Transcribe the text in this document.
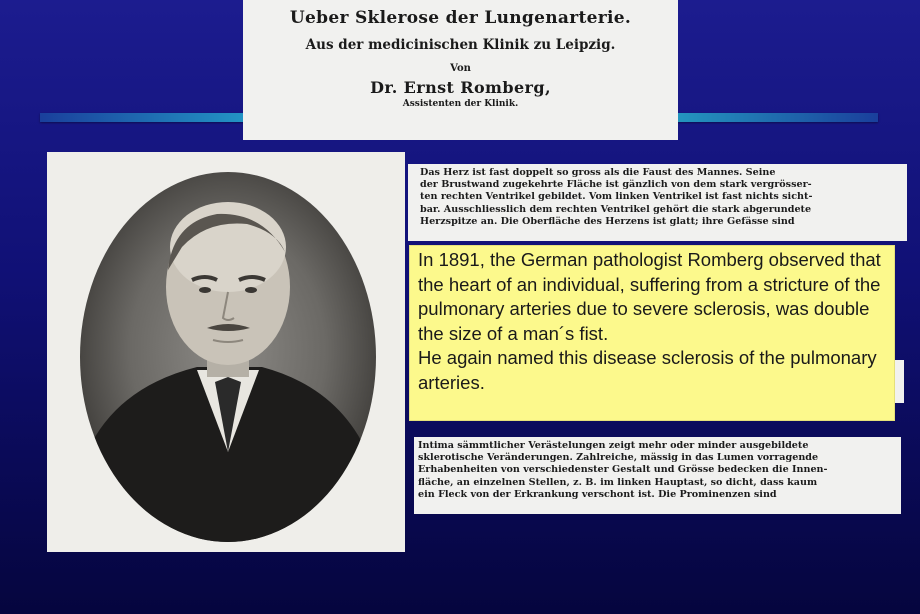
Ueber Sklerose der Lungenarterie.
Aus der medicinischen Klinik zu Leipzig.
Von
Dr. Ernst Romberg,
Assistenten der Klinik.
Das Herz ist fast doppelt so gross als die Faust des Mannes. Seine
der Brustwand zugekehrte Fläche ist gänzlich von dem stark vergrösser-
ten rechten Ventrikel gebildet. Vom linken Ventrikel ist fast nichts sicht-
bar. Ausschliesslich dem rechten Ventrikel gehört die stark abgerundete
Herzspitze an. Die Oberfläche des Herzens ist glatt; ihre Gefässe sind

In 1891, the German pathologist Romberg observed that the heart of an individual, suffering from a stricture of the pulmonary arteries due to severe sclerosis, was double the size of a man´s fist.

He again named this disease sclerosis of the pulmonary arteries.

Intima sämmtlicher Verästelungen zeigt mehr oder minder ausgebildete
sklerotische Veränderungen. Zahlreiche, mässig in das Lumen vorragende
Erhabenheiten von verschiedenster Gestalt und Grösse bedecken die Innen-
fläche, an einzelnen Stellen, z. B. im linken Hauptast, so dicht, dass kaum
ein Fleck von der Erkrankung verschont ist. Die Prominenzen sind
